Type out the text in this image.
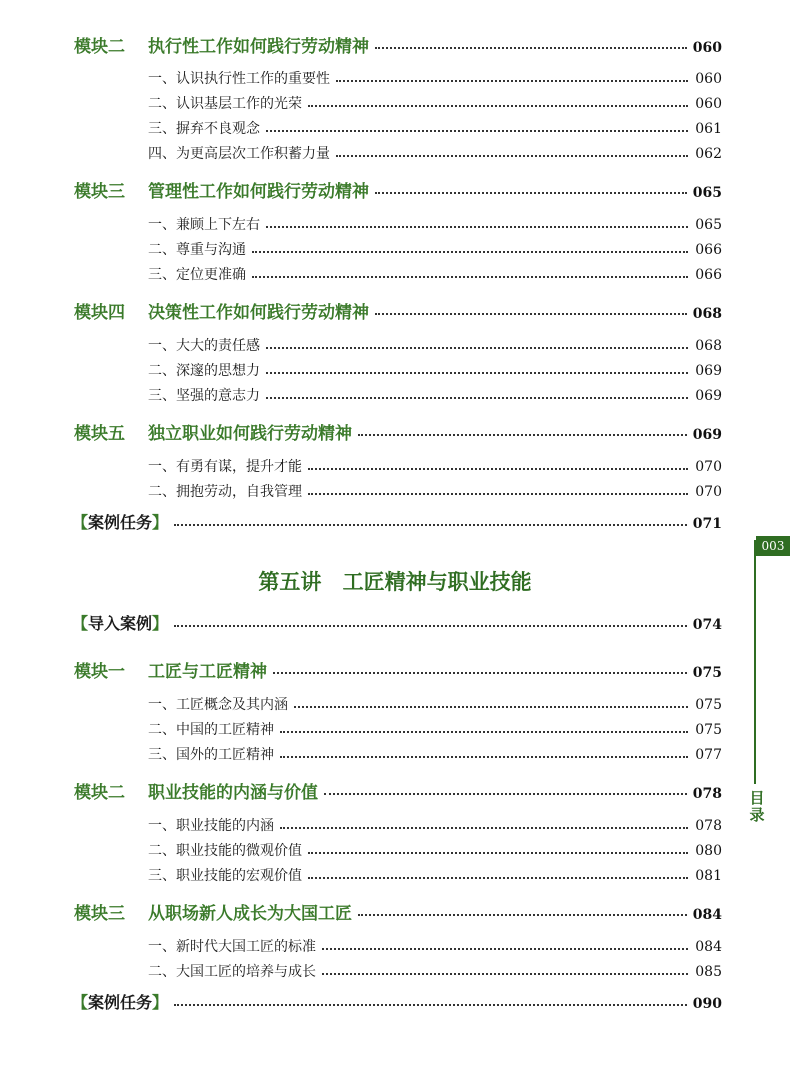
模块二	执行性工作如何践行劳动精神	060
一、认识执行性工作的重要性	060
二、认识基层工作的光荣	060
三、摒弃不良观念	061
四、为更高层次工作积蓄力量	062
模块三	管理性工作如何践行劳动精神	065
一、兼顾上下左右	065
二、尊重与沟通	066
三、定位更准确	066
模块四	决策性工作如何践行劳动精神	068
一、大大的责任感	068
二、深邃的思想力	069
三、坚强的意志力	069
模块五	独立职业如何践行劳动精神	069
一、有勇有谋，提升才能	070
二、拥抱劳动，自我管理	070
【 案例任务 】	071
第五讲 工匠精神与职业技能
【 导入案例 】	074
模块一	工匠与工匠精神	075
一、工匠概念及其内涵	075
二、中国的工匠精神	075
三、国外的工匠精神	077
模块二	职业技能的内涵与价值	078
一、职业技能的内涵	078
二、职业技能的微观价值	080
三、职业技能的宏观价值	081
模块三	从职场新人成长为大国工匠	084
一、新时代大国工匠的标准	084
二、大国工匠的培养与成长	085
【 案例任务 】	090
003
目录
